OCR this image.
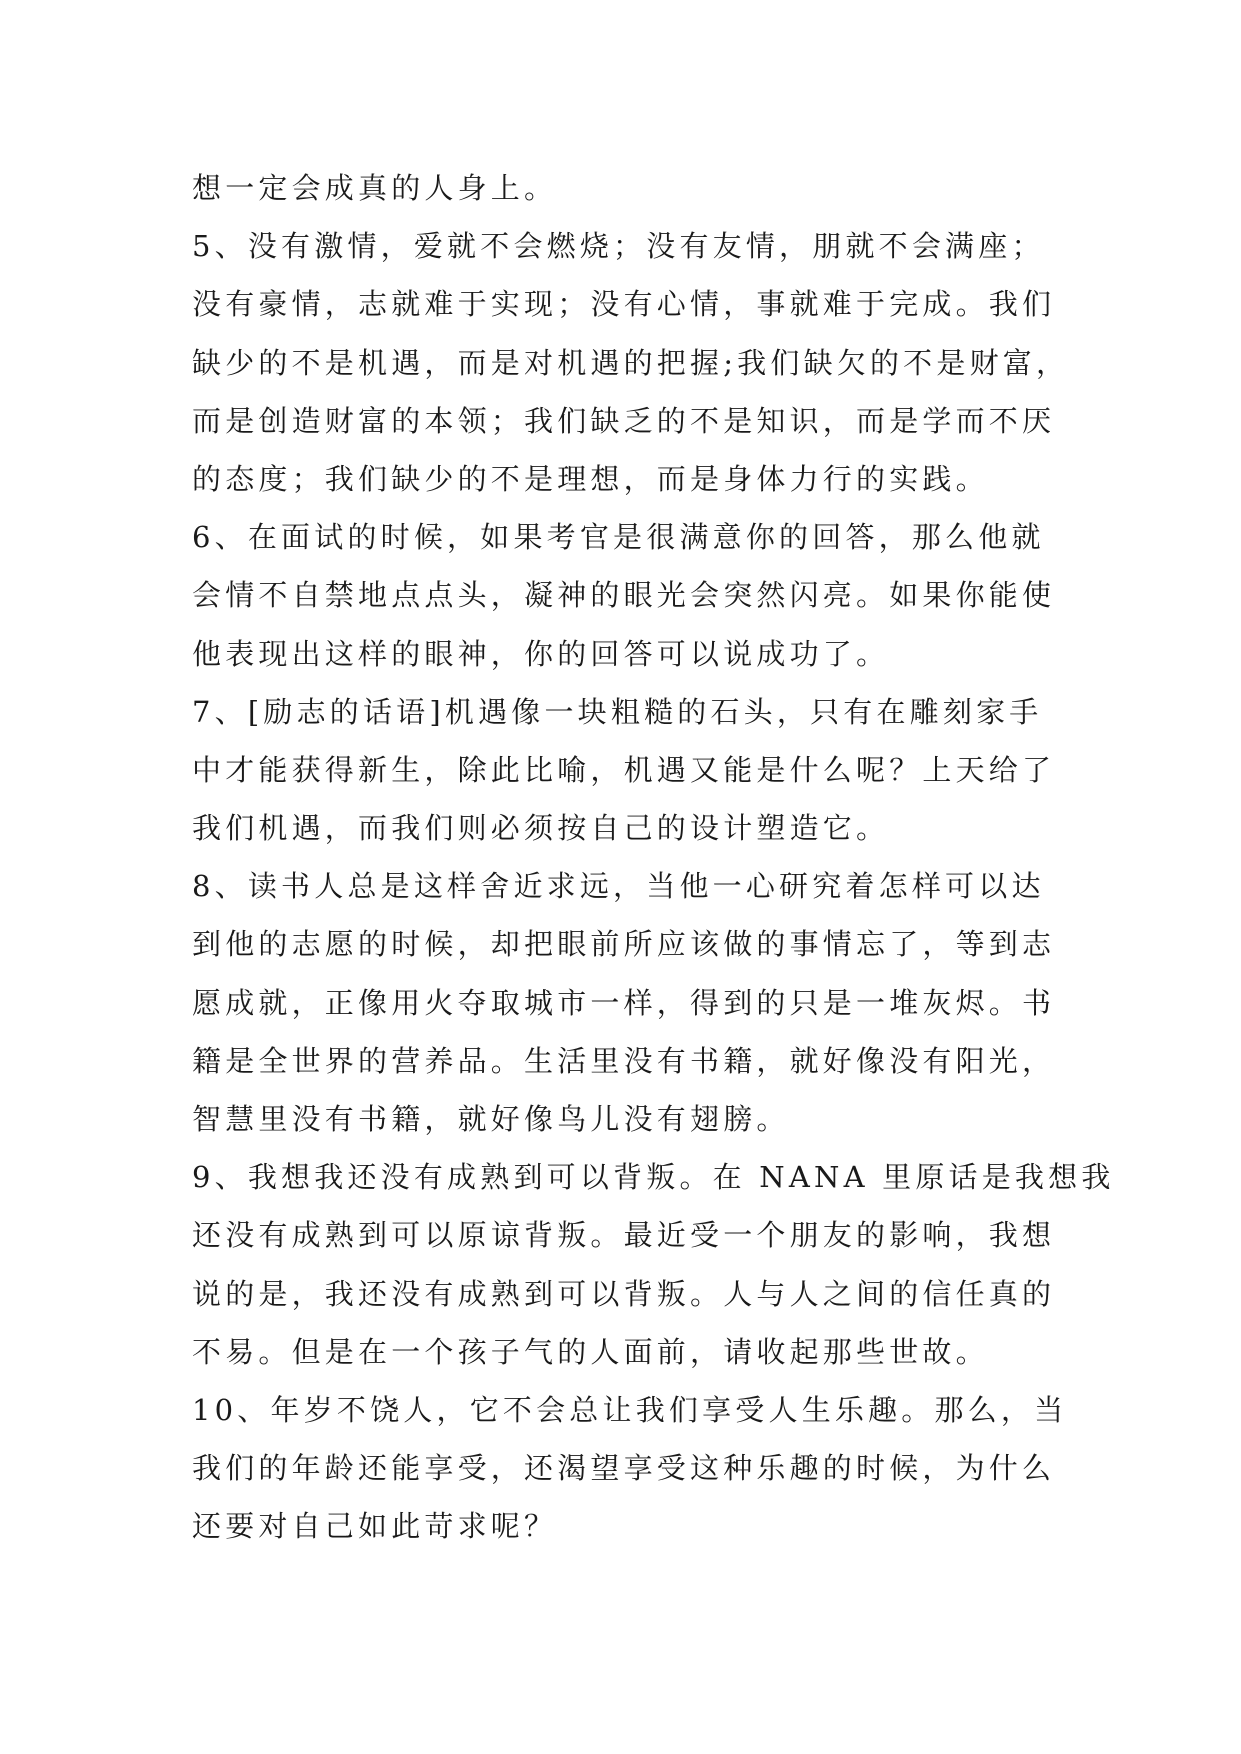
想一定会成真的人身上。
5、没有激情，爱就不会燃烧；没有友情，朋就不会满座；
没有豪情，志就难于实现；没有心情，事就难于完成。我们
缺少的不是机遇，而是对机遇的把握;我们缺欠的不是财富，
而是创造财富的本领；我们缺乏的不是知识，而是学而不厌
的态度；我们缺少的不是理想，而是身体力行的实践。
6、在面试的时候，如果考官是很满意你的回答，那么他就
会情不自禁地点点头，凝神的眼光会突然闪亮。如果你能使
他表现出这样的眼神，你的回答可以说成功了。
7、[励志的话语]机遇像一块粗糙的石头，只有在雕刻家手
中才能获得新生，除此比喻，机遇又能是什么呢？上天给了
我们机遇，而我们则必须按自己的设计塑造它。
8、读书人总是这样舍近求远，当他一心研究着怎样可以达
到他的志愿的时候，却把眼前所应该做的事情忘了，等到志
愿成就，正像用火夺取城市一样，得到的只是一堆灰烬。书
籍是全世界的营养品。生活里没有书籍，就好像没有阳光，
智慧里没有书籍，就好像鸟儿没有翅膀。
9、我想我还没有成熟到可以背叛。在 NANA 里原话是我想我
还没有成熟到可以原谅背叛。最近受一个朋友的影响，我想
说的是，我还没有成熟到可以背叛。人与人之间的信任真的
不易。但是在一个孩子气的人面前，请收起那些世故。
10、年岁不饶人，它不会总让我们享受人生乐趣。那么，当
我们的年龄还能享受，还渴望享受这种乐趣的时候，为什么
还要对自己如此苛求呢？
